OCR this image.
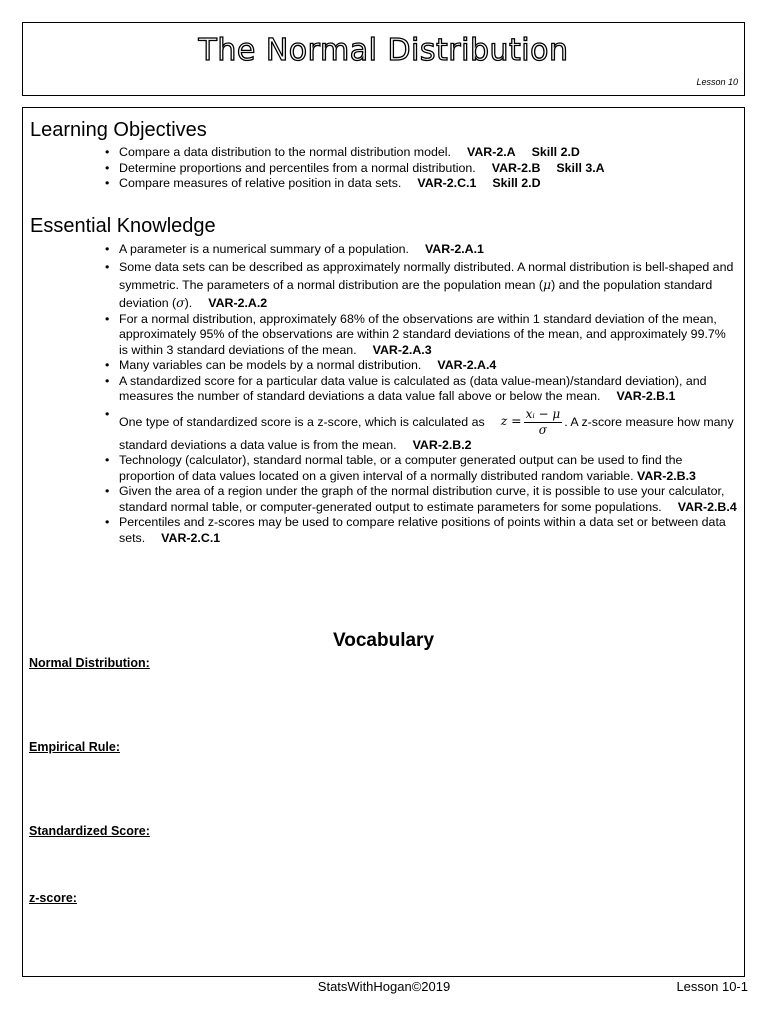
The Normal Distribution
Lesson 10
Learning Objectives
• Compare a data distribution to the normal distribution model. VAR-2.A Skill 2.D
• Determine proportions and percentiles from a normal distribution. VAR-2.B Skill 3.A
• Compare measures of relative position in data sets. VAR-2.C.1 Skill 2.D
Essential Knowledge
• A parameter is a numerical summary of a population. VAR-2.A.1
• Some data sets can be described as approximately normally distributed. A normal distribution is bell-shaped and symmetric. The parameters of a normal distribution are the population mean (μ) and the population standard deviation (σ). VAR-2.A.2
• For a normal distribution, approximately 68% of the observations are within 1 standard deviation of the mean, approximately 95% of the observations are within 2 standard deviations of the mean, and approximately 99.7% is within 3 standard deviations of the mean. VAR-2.A.3
• Many variables can be models by a normal distribution. VAR-2.A.4
• A standardized score for a particular data value is calculated as (data value-mean)/standard deviation), and measures the number of standard deviations a data value fall above or below the mean. VAR-2.B.1
• One type of standardized score is a z-score, which is calculated as $z = \frac{\text{xᵢ − μ}}{\sigma}$ . A z-score measure how many standard deviations a data value is from the mean. VAR-2.B.2
• Technology (calculator), standard normal table, or a computer generated output can be used to find the proportion of data values located on a given interval of a normally distributed random variable. VAR-2.B.3
• Given the area of a region under the graph of the normal distribution curve, it is possible to use your calculator, standard normal table, or computer-generated output to estimate parameters for some populations. VAR-2.B.4
• Percentiles and z-scores may be used to compare relative positions of points within a data set or between data sets. VAR-2.C.1
Vocabulary
Normal Distribution:
Empirical Rule:
Standardized Score:
z-score:
StatsWithHogan©2019	Lesson 10-1
